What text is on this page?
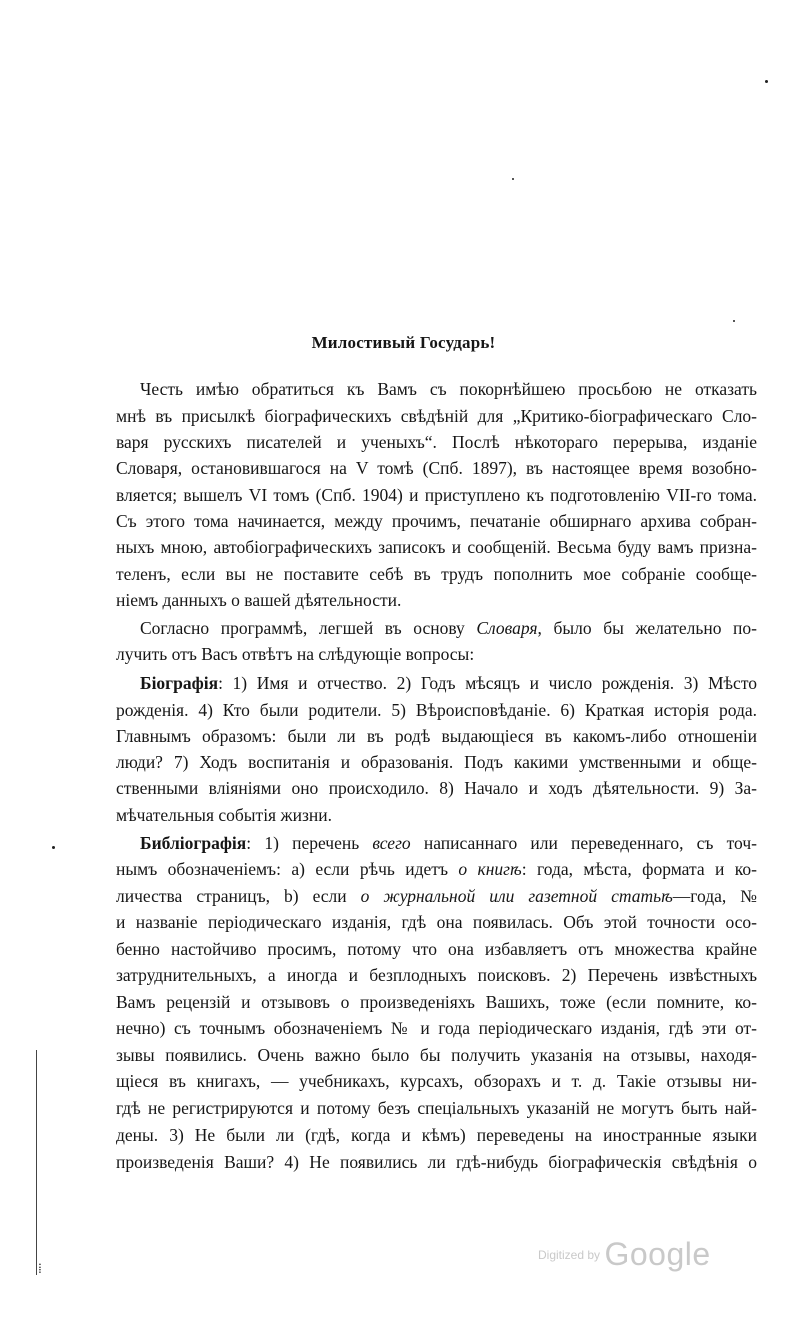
⁞
Милостивый Государь!
Честь имѣю обратиться къ Вамъ съ покорнѣйшею просьбою не отказать
мнѣ въ присылкѣ біографическихъ свѣдѣній для „Критико-біографическаго Сло-
варя русскихъ писателей и ученыхъ“. Послѣ нѣкотораго перерыва, изданіе
Словаря, остановившагося на V томѣ (Спб. 1897), въ настоящее время возобно-
вляется; вышелъ VI томъ (Спб. 1904) и приступлено къ подготовленію VII-го тома.
Съ этого тома начинается, между прочимъ, печатаніе обширнаго архива собран-
ныхъ мною, автобіографическихъ записокъ и сообщеній. Весьма буду вамъ призна-
теленъ, если вы не поставите себѣ въ трудъ пополнить мое собраніе сообще-
ніемъ данныхъ о вашей дѣятельности.
Согласно программѣ, легшей въ основу Словаря, было бы желательно по-
лучить отъ Васъ отвѣтъ на слѣдующіе вопросы:
Біографія: 1) Имя и отчество. 2) Годъ мѣсяцъ и число рожденія. 3) Мѣсто
рожденія. 4) Кто были родители. 5) Вѣроисповѣданіе. 6) Краткая исторія рода.
Главнымъ образомъ: были ли въ родѣ выдающіеся въ какомъ-либо отношеніи
люди? 7) Ходъ воспитанія и образованія. Подъ какими умственными и обще-
ственными вліяніями оно происходило. 8) Начало и ходъ дѣятельности. 9) За-
мѣчательныя событія жизни.
Библіографія: 1) перечень всего написаннаго или переведеннаго, съ точ-
нымъ обозначеніемъ: а) если рѣчь идетъ о книгѣ: года, мѣста, формата и ко-
личества страницъ, b) если о журнальной или газетной статьѣ—года, №
и названіе періодическаго изданія, гдѣ она появилась. Объ этой точности осо-
бенно настойчиво просимъ, потому что она избавляетъ отъ множества крайне
затруднительныхъ, а иногда и безплодныхъ поисковъ. 2) Перечень извѣстныхъ
Вамъ рецензій и отзывовъ о произведеніяхъ Вашихъ, тоже (если помните, ко-
нечно) съ точнымъ обозначеніемъ № и года періодическаго изданія, гдѣ эти от-
зывы появились. Очень важно было бы получить указанія на отзывы, находя-
щіеся въ книгахъ, — учебникахъ, курсахъ, обзорахъ и т. д. Такіе отзывы ни-
гдѣ не регистрируются и потому безъ спеціальныхъ указаній не могутъ быть най-
дены. 3) Не были ли (гдѣ, когда и кѣмъ) переведены на иностранные языки
произведенія Ваши? 4) Не появились ли гдѣ-нибудь біографическія свѣдѣнія о
$^{Digitized by}$ Google
